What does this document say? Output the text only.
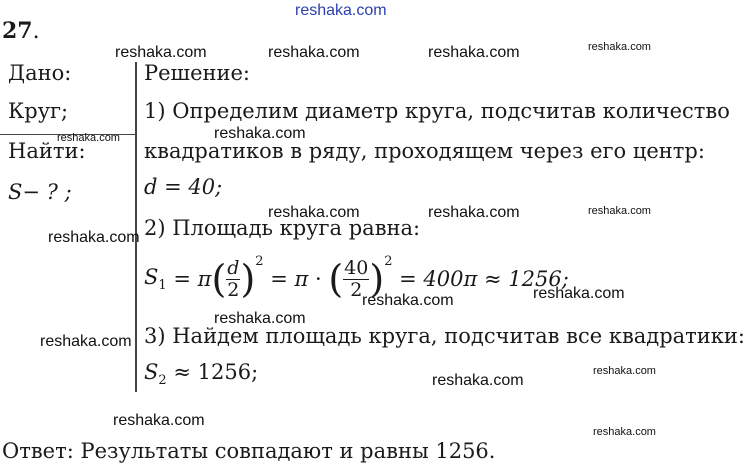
reshaka.com
27.
Дано:
Круг;
Найти:
S− ? ;
Решение:
1) Определим диаметр круга, подсчитав количество
квадратиков в ряду, проходящем через его центр:
d = 40;
2) Площадь круга равна:
$S_1 = \pi$ ( $\frac{d}{2} )^2$
= π · ( $\frac{40}{2} )^2$

= 400π ≈ 1256;
3) Найдем площадь круга, подсчитав все квадратики:
$S_2 \approx 1256$;
Ответ: Результаты совпадают и равны 1256.
reshaka.com	reshaka.com	reshaka.com	reshaka.com
reshaka.com	reshaka.com
reshaka.com	reshaka.com	reshaka.com
reshaka.com
reshaka.com	reshaka.com
reshaka.com
reshaka.com
reshaka.com
reshaka.com
reshaka.com
reshaka.com
